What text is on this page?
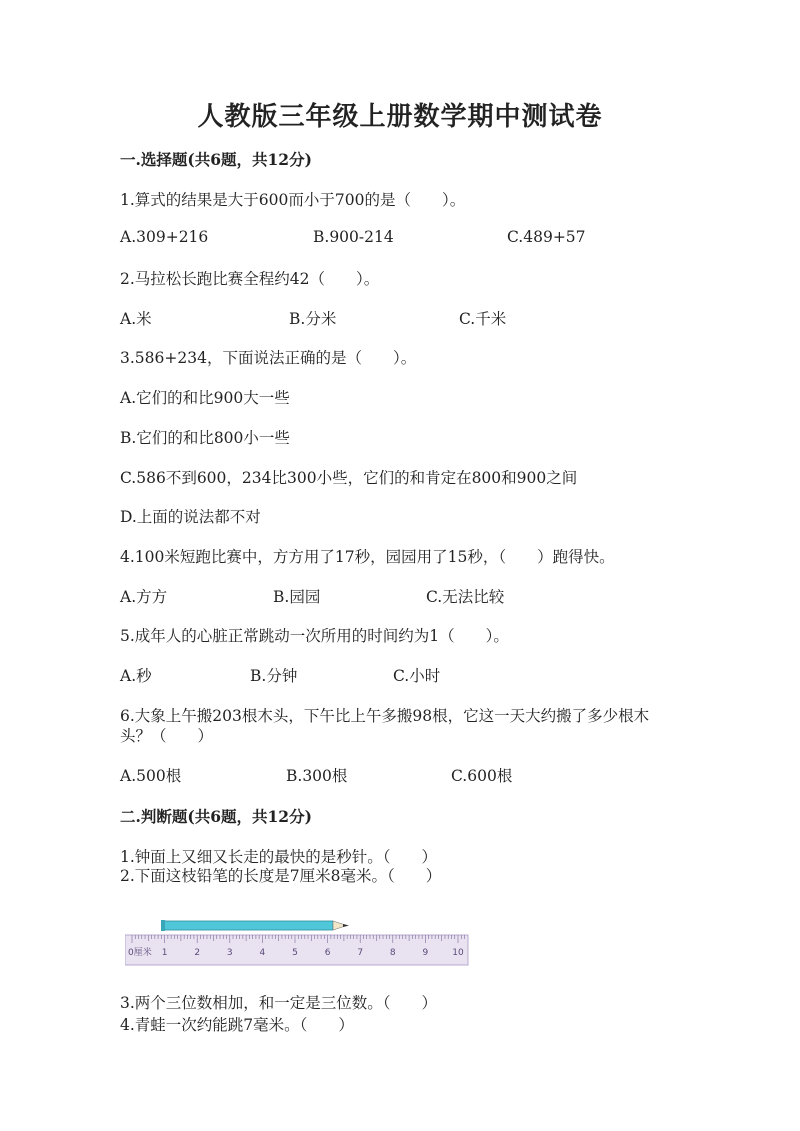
人教版三年级上册数学期中测试卷
一.选择题(共6题，共12分)
1.算式的结果是大于600而小于700的是（　　）。
A.309+216	B.900-214	C.489+57
2.马拉松长跑比赛全程约42（　　）。
A.米	B.分米	C.千米
3.586+234，下面说法正确的是（　　）。
A.它们的和比900大一些
B.它们的和比800小一些
C.586不到600，234比300小些，它们的和肯定在800和900之间
D.上面的说法都不对
4.100米短跑比赛中，方方用了17秒，园园用了15秒，（　　）跑得快。
A.方方	B.园园	C.无法比较
5.成年人的心脏正常跳动一次所用的时间约为1（　　）。
A.秒	B.分钟	C.小时
6.大象上午搬203根木头，下午比上午多搬98根，它这一天大约搬了多少根木
头？（　　）
A.500根	B.300根	C.600根
二.判断题(共6题，共12分)
1.钟面上又细又长走的最快的是秒针。（　　）
2.下面这枝铅笔的长度是7厘米8毫米。（　　）
0厘米 1	2	3	4	5	6	7	8	9	10
3.两个三位数相加，和一定是三位数。（　　）
4.青蛙一次约能跳7毫米。（　　）
